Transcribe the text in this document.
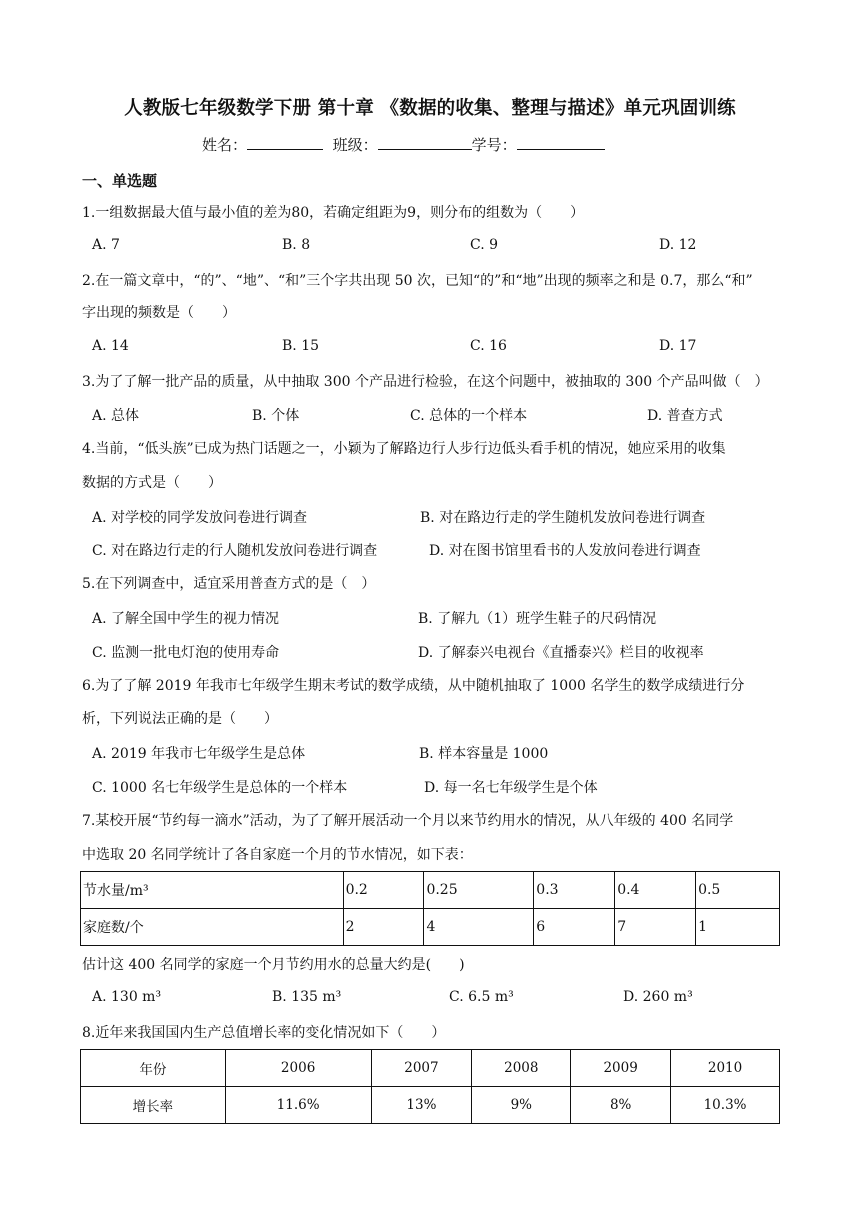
人教版七年级数学下册 第十章 《数据的收集、整理与描述》单元巩固训练
姓名：	班级：	学号：
一、单选题
1.一组数据最大值与最小值的差为80，若确定组距为9，则分布的组数为（　　）
A. 7	B. 8	C. 9	D. 12
2.在一篇文章中，“的”、“地”、“和”三个字共出现 50 次，已知“的”和“地”出现的频率之和是 0.7，那么“和”
字出现的频数是（　　）
A. 14	B. 15	C. 16	D. 17
3.为了了解一批产品的质量，从中抽取 300 个产品进行检验，在这个问题中，被抽取的 300 个产品叫做（　）
A. 总体	B. 个体	C. 总体的一个样本	D. 普查方式
4.当前，“低头族”已成为热门话题之一，小颖为了解路边行人步行边低头看手机的情况，她应采用的收集
数据的方式是（　　）
A. 对学校的同学发放问卷进行调查	B. 对在路边行走的学生随机发放问卷进行调查
C. 对在路边行走的行人随机发放问卷进行调查	D. 对在图书馆里看书的人发放问卷进行调查
5.在下列调查中，适宜采用普查方式的是（　）
A. 了解全国中学生的视力情况	B. 了解九（1）班学生鞋子的尺码情况
C. 监测一批电灯泡的使用寿命	D. 了解泰兴电视台《直播泰兴》栏目的收视率
6.为了了解 2019 年我市七年级学生期末考试的数学成绩，从中随机抽取了 1000 名学生的数学成绩进行分
析，下列说法正确的是（　　）
A. 2019 年我市七年级学生是总体	B. 样本容量是 1000
C. 1000 名七年级学生是总体的一个样本	D. 每一名七年级学生是个体
7.某校开展“节约每一滴水”活动，为了了解开展活动一个月以来节约用水的情况，从八年级的 400 名同学
中选取 20 名同学统计了各自家庭一个月的节水情况，如下表：
节水量/m³	0.2	0.25	0.3	0.4	0.5
家庭数/个	2	4	6	7	1
估计这 400 名同学的家庭一个月节约用水的总量大约是(　　)
A. 130 m³	B. 135 m³	C. 6.5 m³	D. 260 m³
8.近年来我国国内生产总值增长率的变化情况如下（　　）
年份	2006	2007	2008	2009	2010
增长率	11.6%	13%	9%	8%	10.3%
